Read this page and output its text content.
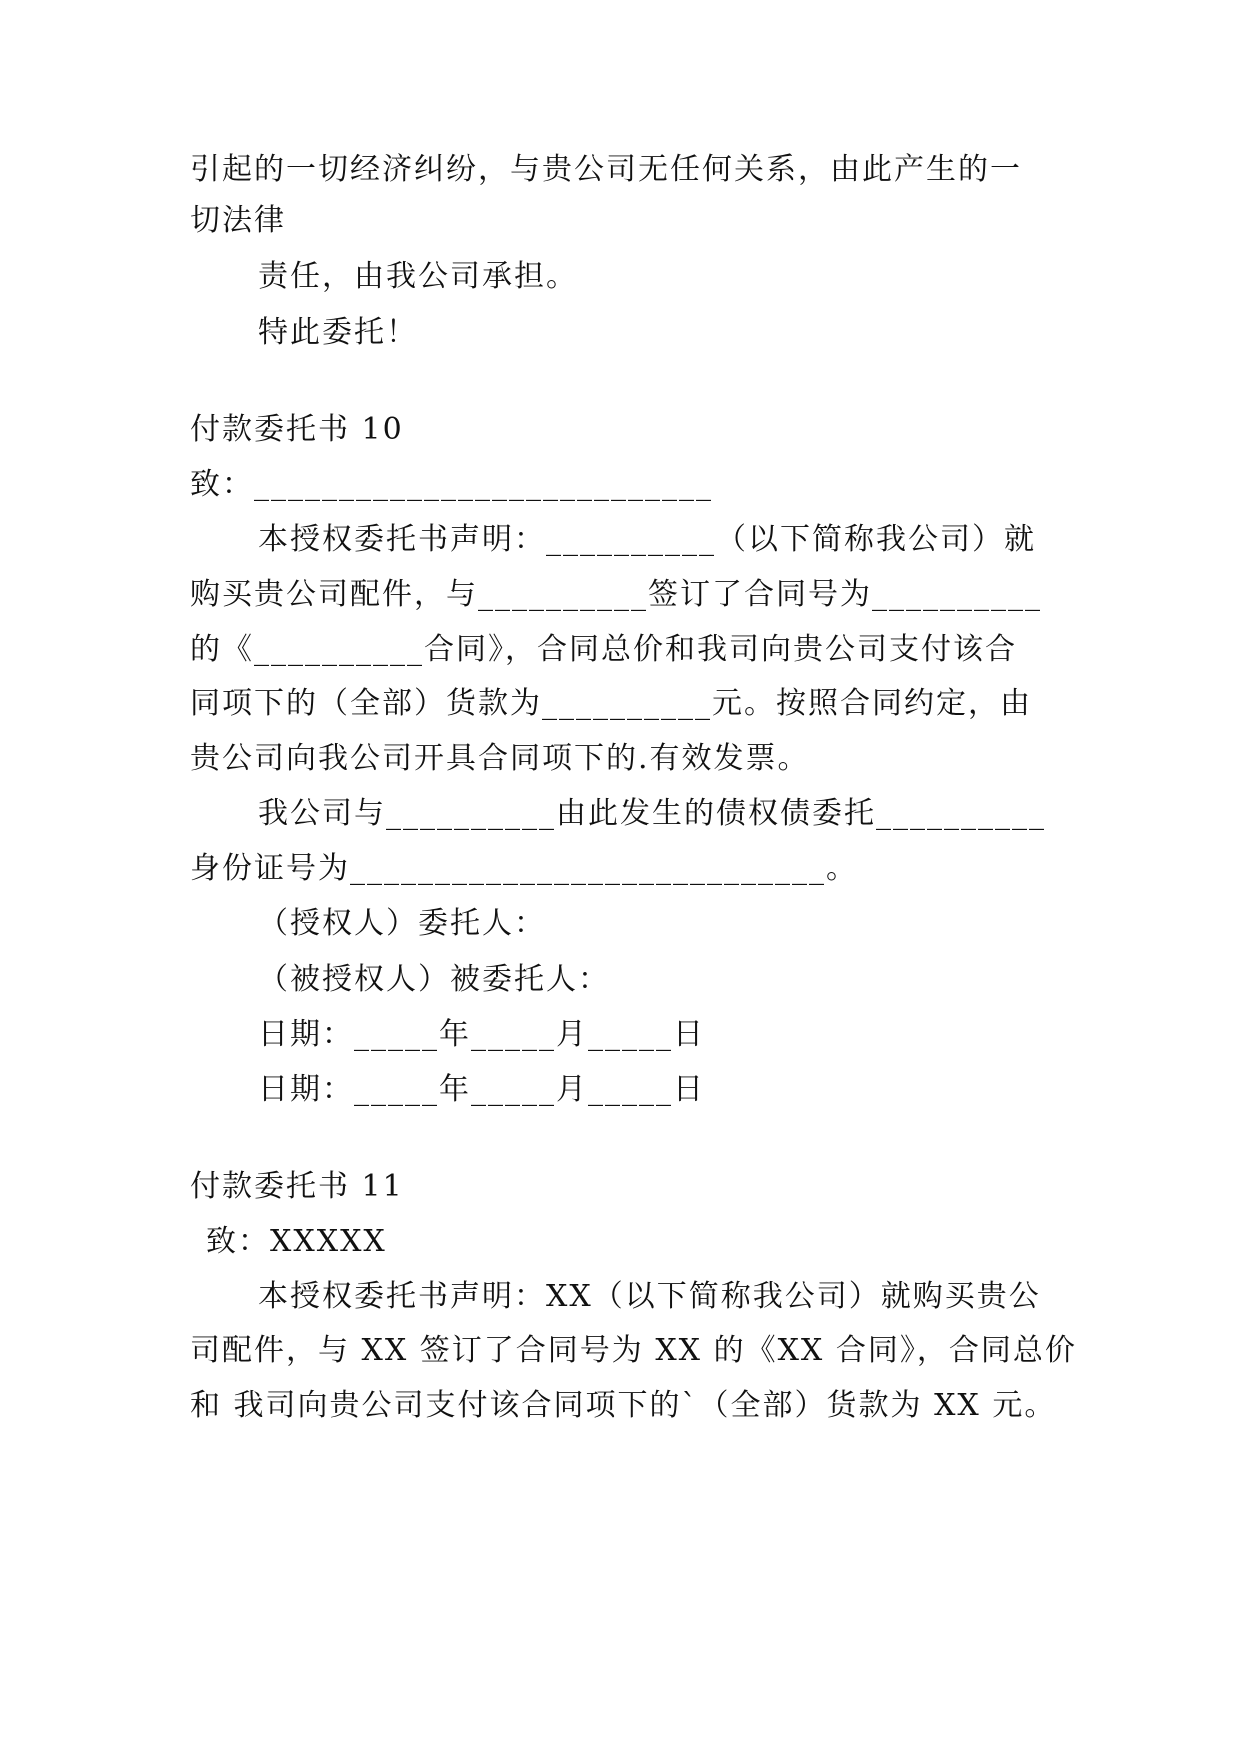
引起的一切经济纠纷，与贵公司无任何关系，由此产生的一
切法律
责任，由我公司承担。
特此委托！
付款委托书 10
致：___________________________
本授权委托书声明：__________（以下简称我公司）就
购买贵公司配件，与__________签订了合同号为__________
的《__________合同》，合同总价和我司向贵公司支付该合
同项下的（全部）货款为__________元。按照合同约定，由
贵公司向我公司开具合同项下的.有效发票。
我公司与__________由此发生的债权债委托__________
身份证号为____________________________。
（授权人）委托人：
（被授权人）被委托人：
日期：_____年_____月_____日
日期：_____年_____月_____日
付款委托书 11
致：XXXXX
本授权委托书声明：XX（以下简称我公司）就购买贵公
司配件，与 XX 签订了合同号为 XX 的《XX 合同》，合同总价
和 我司向贵公司支付该合同项下的`（全部）货款为 XX 元。
